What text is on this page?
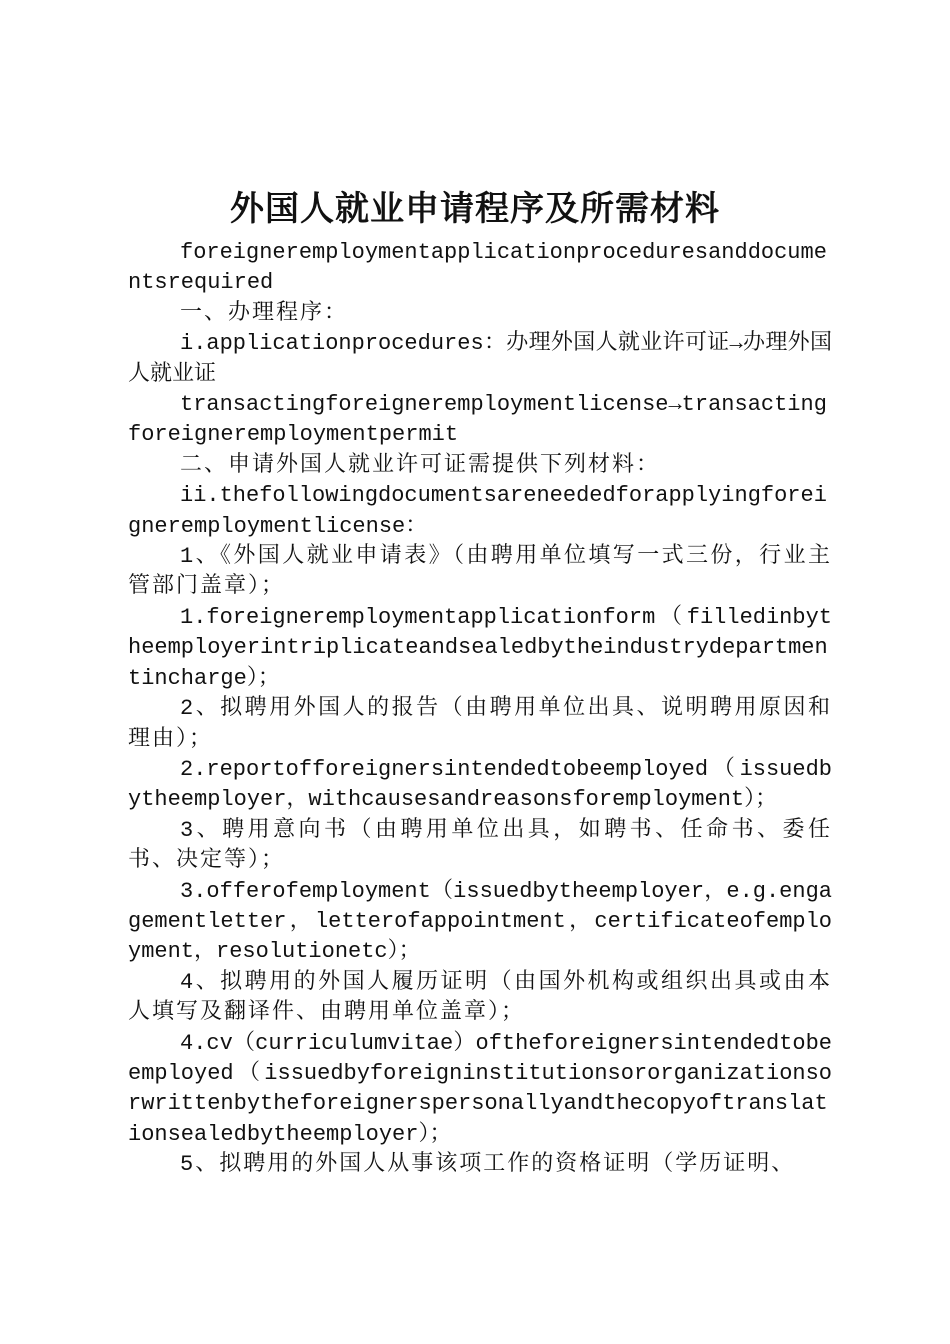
外国人就业申请程序及所需材料

foreigneremploymentapplicationproceduresanddocumentsrequired

一、办理程序：

i.applicationprocedures：办理外国人就业许可证→办理外国人就业证

transactingforeigneremploymentlicense→transactingforeigneremploymentpermit

二、申请外国人就业许可证需提供下列材料：

ii.thefollowingdocumentsareneededforapplyingforeigneremploymentlicense：

1、《外国人就业申请表》（由聘用单位填写一式三份，行业主管部门盖章）；

1.foreigneremploymentapplicationform（filledinbytheemployerintriplicateandsealedbytheindustrydepartmentincharge）；

2、拟聘用外国人的报告（由聘用单位出具、说明聘用原因和理由）；

2.reportofforeignersintendedtobeemployed（issuedbytheemployer，withcausesandreasonsforemployment）；

3、聘用意向书（由聘用单位出具，如聘书、任命书、委任书、决定等）；

3.offerofemployment（issuedbytheemployer，e.g.engagementletter，letterofappointment，certificateofemployment，resolutionetc）；

4、拟聘用的外国人履历证明（由国外机构或组织出具或由本人填写及翻译件、由聘用单位盖章）；

4.cv（curriculumvitae）oftheforeignersintendedtobeemployed（issuedbyforeigninstitutionsororganizationsorwrittenbytheforeignerspersonallyandthecopyoftranslationsealedbytheemployer）；

5、拟聘用的外国人从事该项工作的资格证明（学历证明、
